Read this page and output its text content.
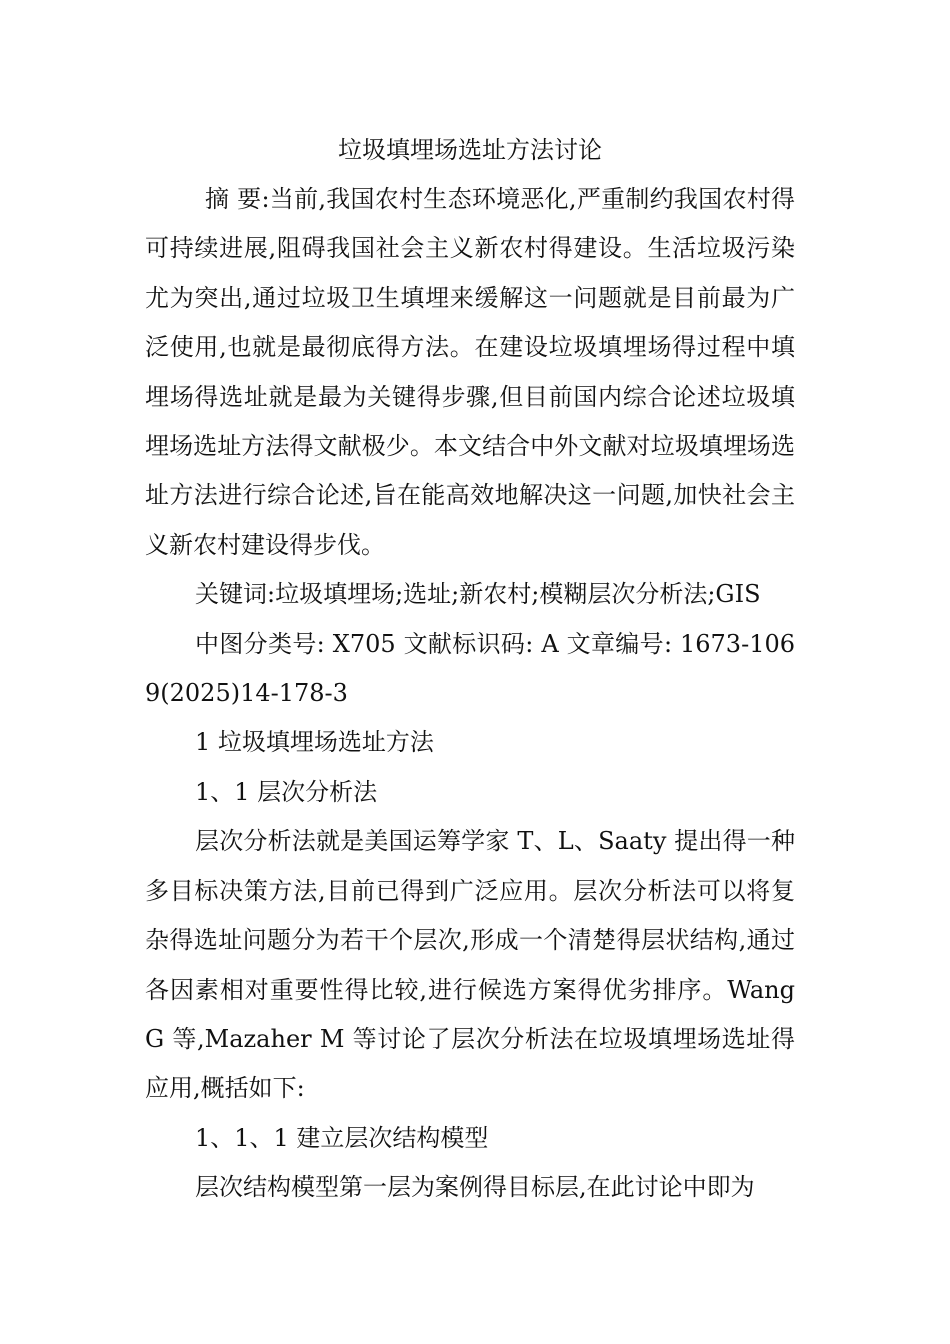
垃圾填埋场选址方法讨论

摘 要:当前,我国农村生态环境恶化,严重制约我国农村得可持续进展,阻碍我国社会主义新农村得建设。生活垃圾污染尤为突出,通过垃圾卫生填埋来缓解这一问题就是目前最为广泛使用,也就是最彻底得方法。在建设垃圾填埋场得过程中填埋场得选址就是最为关键得步骤,但目前国内综合论述垃圾填埋场选址方法得文献极少。本文结合中外文献对垃圾填埋场选址方法进行综合论述,旨在能高效地解决这一问题,加快社会主义新农村建设得步伐。

关键词:垃圾填埋场;选址;新农村;模糊层次分析法;GIS

中图分类号: X705 文献标识码: A 文章编号: 1673-1069(2025)14-178-3

1 垃圾填埋场选址方法

1、1 层次分析法

层次分析法就是美国运筹学家 T、L、Saaty 提出得一种多目标决策方法,目前已得到广泛应用。层次分析法可以将复杂得选址问题分为若干个层次,形成一个清楚得层状结构,通过各因素相对重要性得比较,进行候选方案得优劣排序。Wang G 等,Mazaher M 等讨论了层次分析法在垃圾填埋场选址得应用,概括如下:

1、1、1 建立层次结构模型

层次结构模型第一层为案例得目标层,在此讨论中即为
